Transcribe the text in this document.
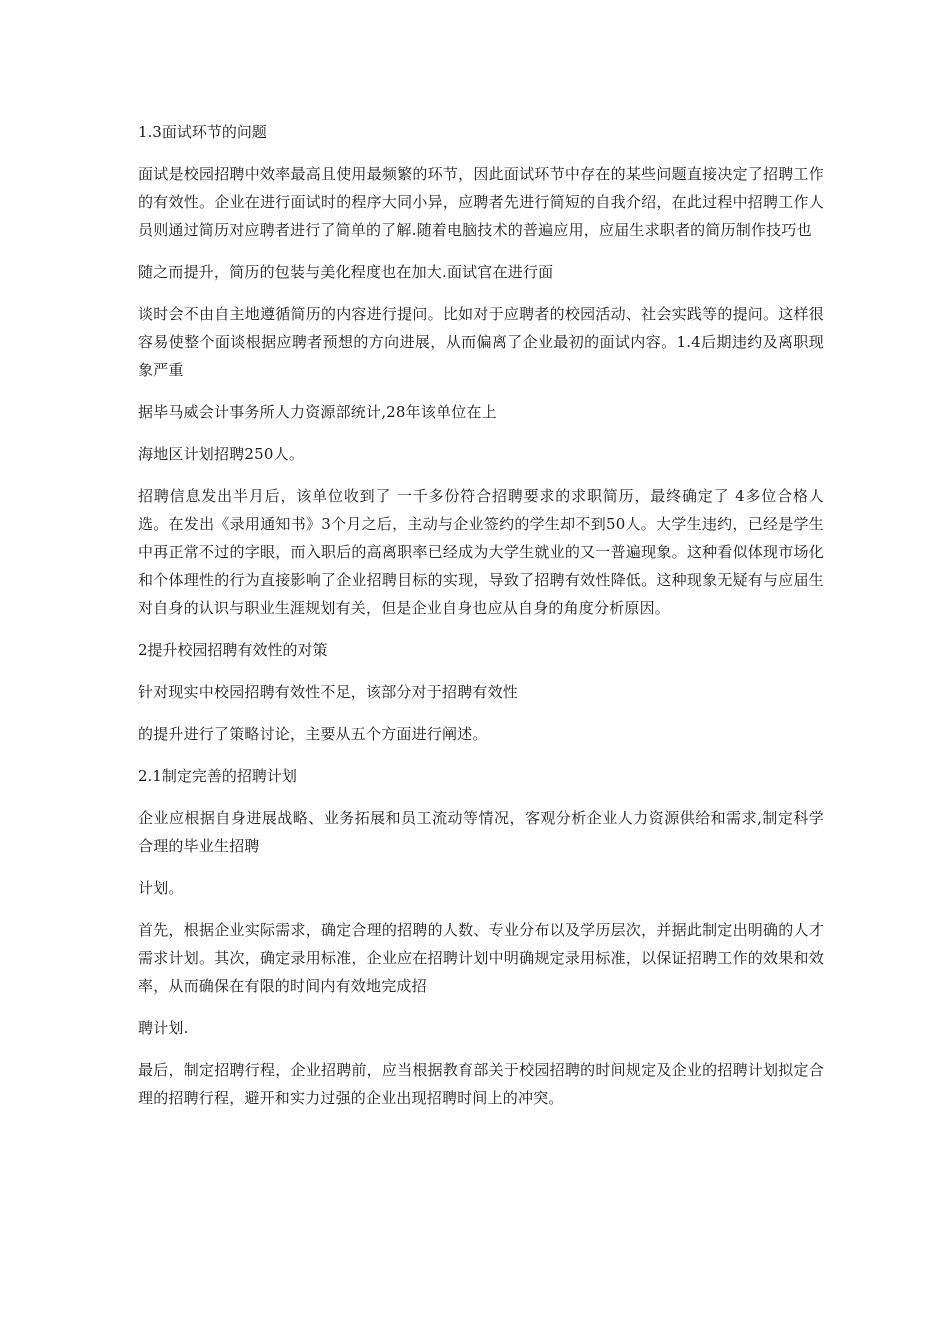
1.3面试环节的问题

面试是校园招聘中效率最高且使用最频繁的环节，因此面试环节中存在的某些问题直接决定了招聘工作的有效性。企业在进行面试时的程序大同小异，应聘者先进行简短的自我介绍，在此过程中招聘工作人员则通过简历对应聘者进行了简单的了解.随着电脑技术的普遍应用，应届生求职者的简历制作技巧也

随之而提升，简历的包装与美化程度也在加大.面试官在进行面

谈时会不由自主地遵循简历的内容进行提问。比如对于应聘者的校园活动、社会实践等的提问。这样很容易使整个面谈根据应聘者预想的方向进展，从而偏离了企业最初的面试内容。1.4后期违约及离职现象严重

据毕马威会计事务所人力资源部统计,28年该单位在上

海地区计划招聘250人。

招聘信息发出半月后，该单位收到了 一千多份符合招聘要求的求职简历，最终确定了 4多位合格人选。在发出《录用通知书》3个月之后，主动与企业签约的学生却不到50人。大学生违约，已经是学生中再正常不过的字眼，而入职后的高离职率已经成为大学生就业的又一普遍现象。这种看似体现市场化和个体理性的行为直接影响了企业招聘目标的实现，导致了招聘有效性降低。这种现象无疑有与应届生对自身的认识与职业生涯规划有关，但是企业自身也应从自身的角度分析原因。

2提升校园招聘有效性的对策

针对现实中校园招聘有效性不足，该部分对于招聘有效性

的提升进行了策略讨论，主要从五个方面进行阐述。

2.1制定完善的招聘计划

企业应根据自身进展战略、业务拓展和员工流动等情况，客观分析企业人力资源供给和需求,制定科学合理的毕业生招聘

计划。

首先，根据企业实际需求，确定合理的招聘的人数、专业分布以及学历层次，并据此制定出明确的人才需求计划。其次，确定录用标准，企业应在招聘计划中明确规定录用标准，以保证招聘工作的效果和效率，从而确保在有限的时间内有效地完成招

聘计划.

最后，制定招聘行程，企业招聘前，应当根据教育部关于校园招聘的时间规定及企业的招聘计划拟定合理的招聘行程，避开和实力过强的企业出现招聘时间上的冲突。
